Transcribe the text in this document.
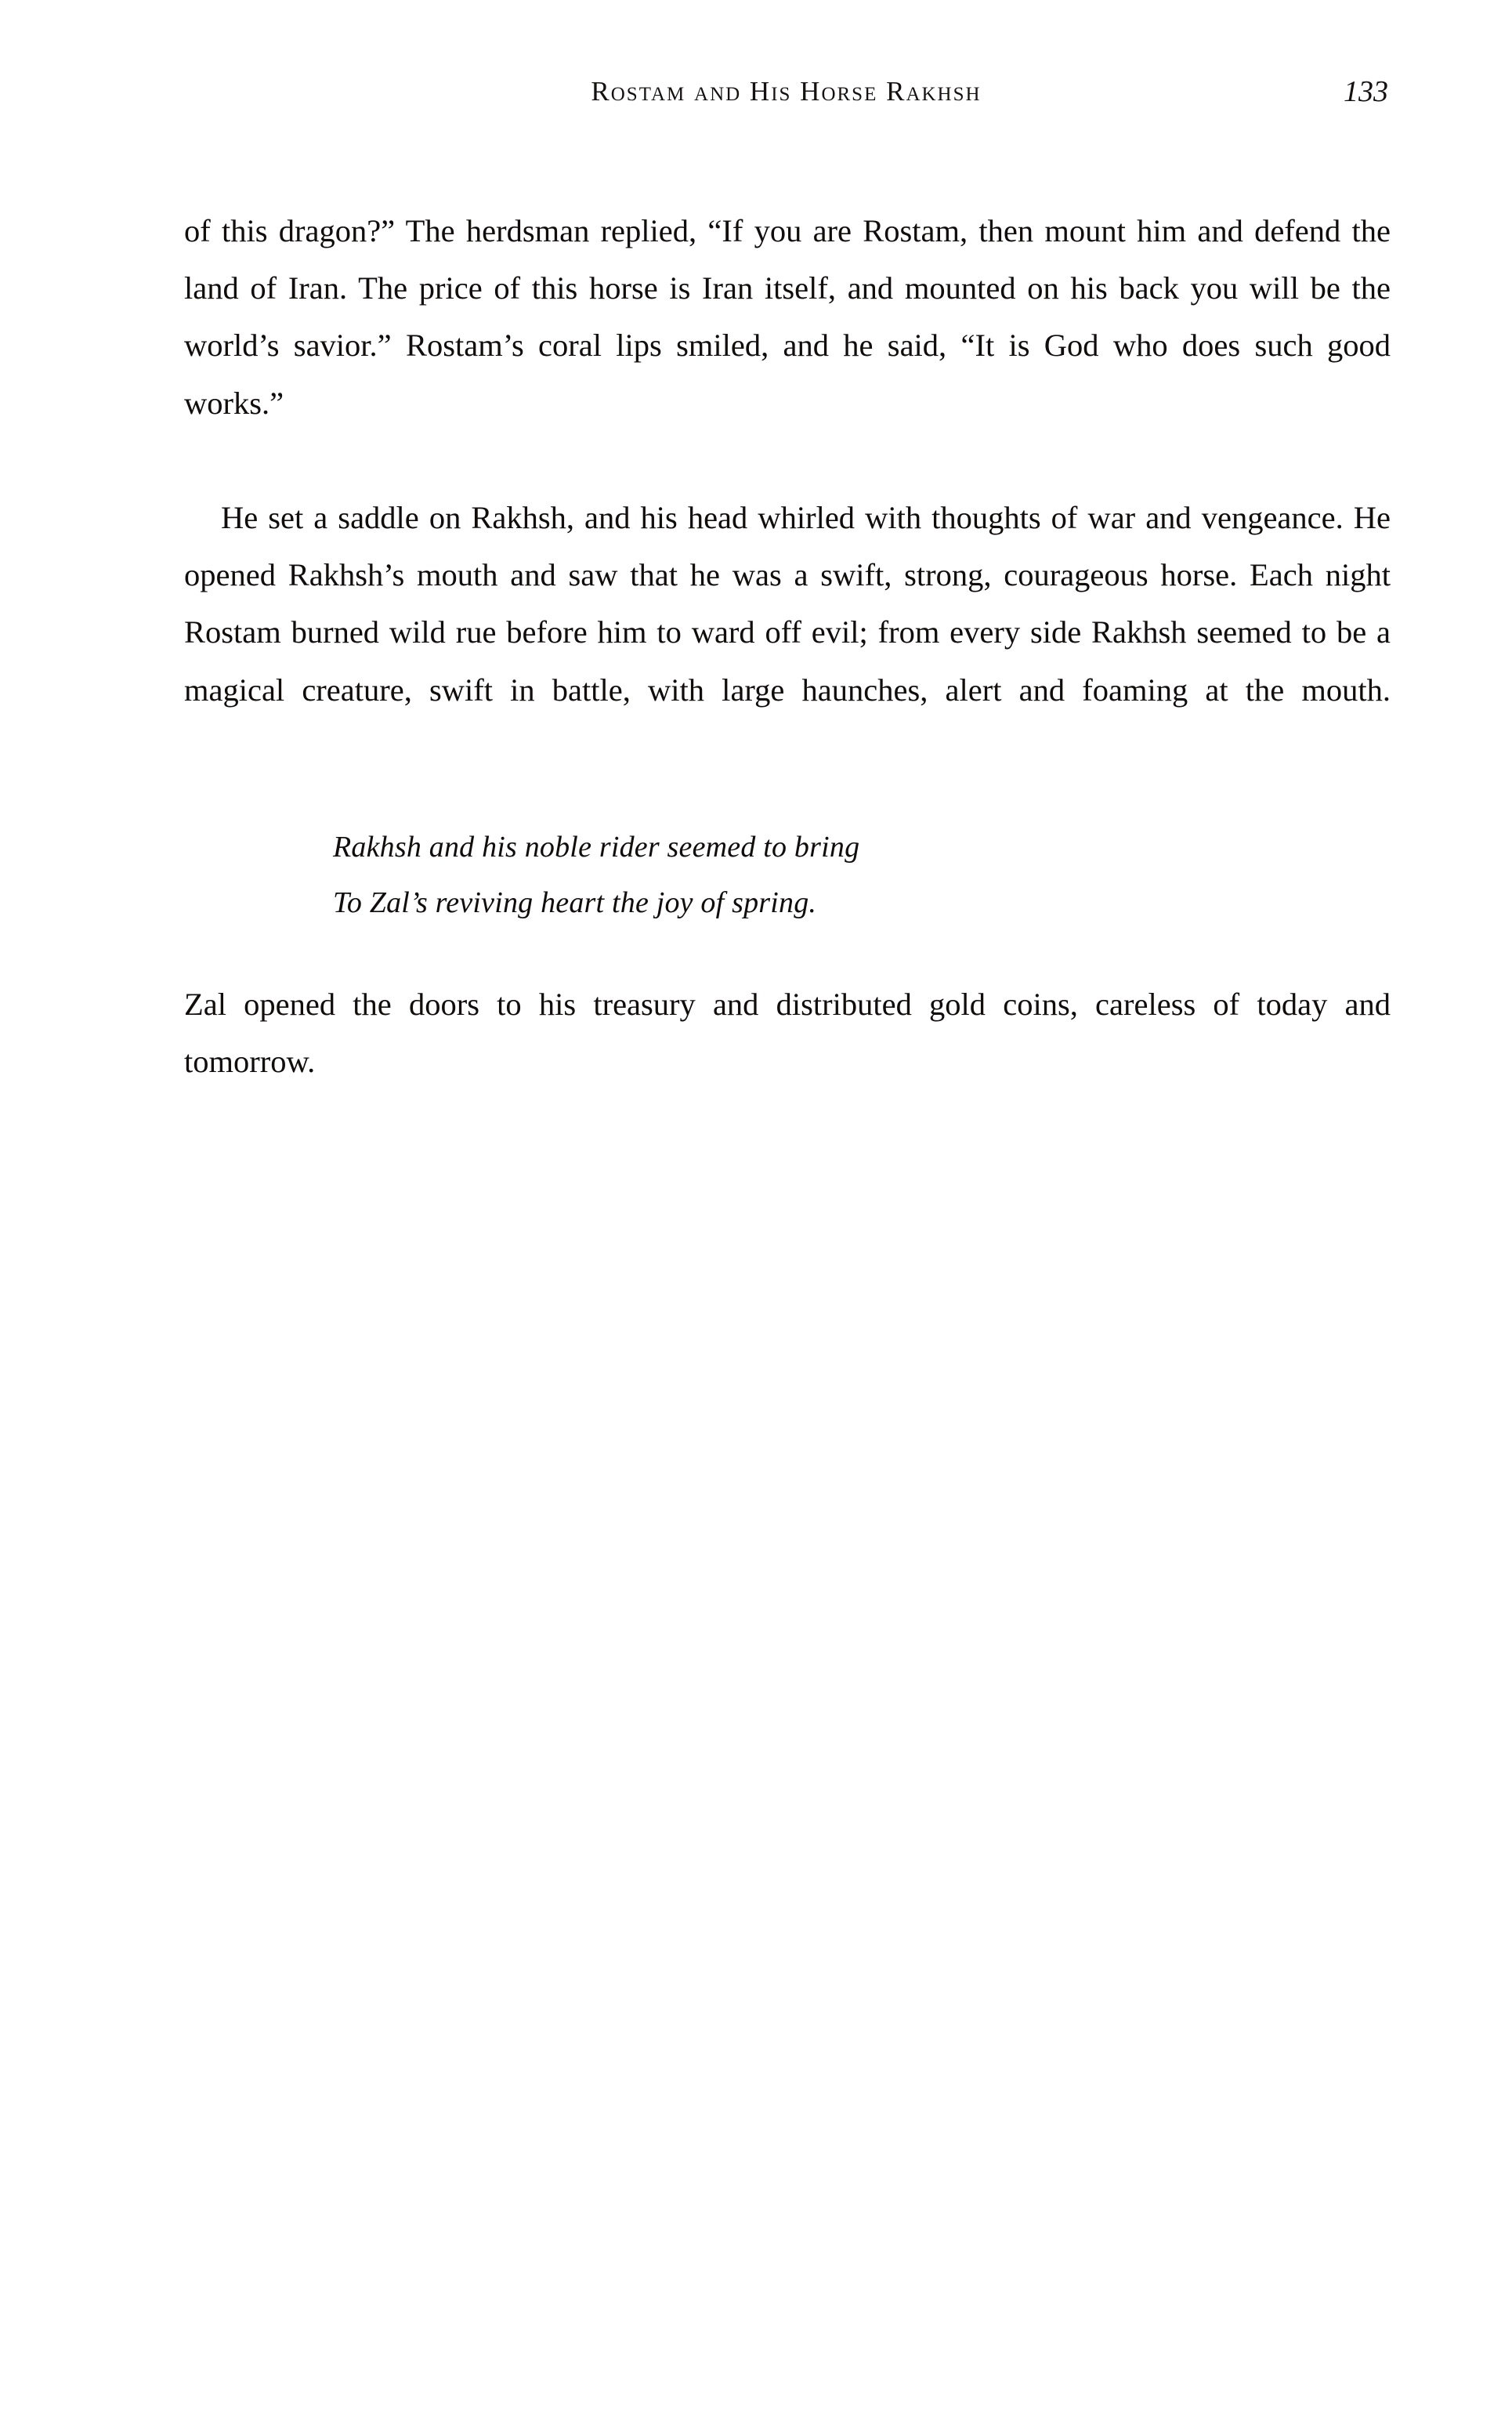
Rostam and His Horse Rakhsh	133

of this dragon?” The herdsman replied, “If you are Rostam, then mount him and defend the land of Iran. The price of this horse is Iran itself, and mounted on his back you will be the world’s savior.” Rostam’s coral lips smiled, and he said, “It is God who does such good works.”

He set a saddle on Rakhsh, and his head whirled with thoughts of war and vengeance. He opened Rakhsh’s mouth and saw that he was a swift, strong, courageous horse. Each night Rostam burned wild rue before him to ward off evil; from every side Rakhsh seemed to be a magical creature, swift in battle, with large haunches, alert and foaming at the mouth.

Rakhsh and his noble rider seemed to bring
To Zal’s reviving heart the joy of spring.

Zal opened the doors to his treasury and distributed gold coins, careless of today and tomorrow.
